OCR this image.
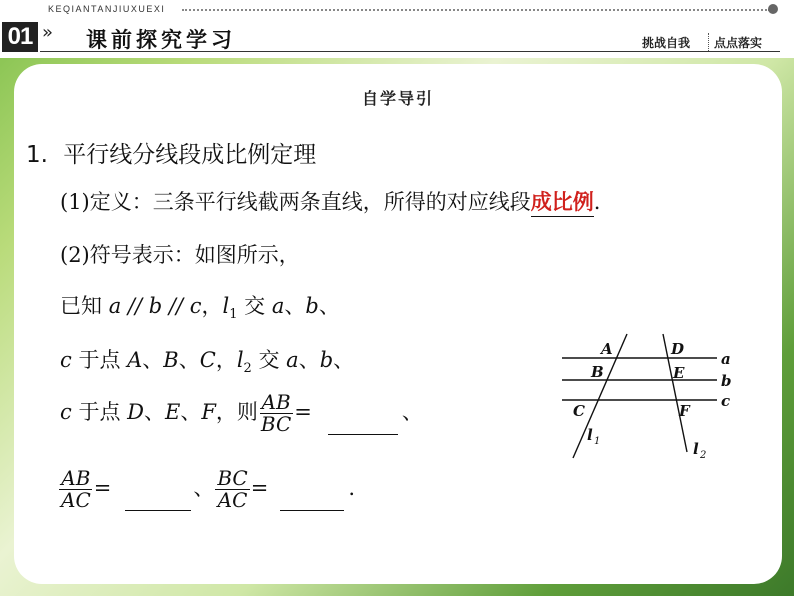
01
KEQIANTANJIUXUEXI
» 课前探究学习	挑战自我 点点落实
自学导引
1. 平行线分线段成比例定理
(1)定义：三条平行线截两条直线，所得的对应线段成比例.
(2)符号表示：如图所示，
已知 a // b // c，$l_1$ 交 a、b、
c 于点 A、B、C，$l_2$ 交 a、b、
c 于点 D、E、F，则 $\frac{AB}{BC}$ =	、
$\frac{AB}{AC}$ =	、 $\frac{BC}{AC}$ =	.
A	D
B	E
C	F
a
b
c
l 1	l 2
